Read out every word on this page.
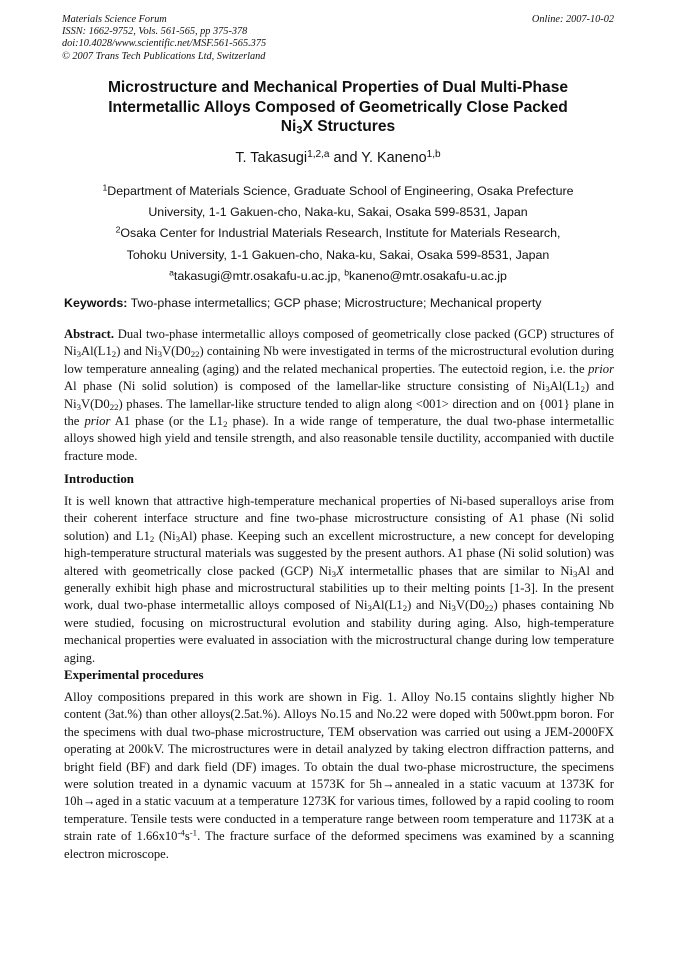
Materials Science Forum
ISSN: 1662-9752, Vols. 561-565, pp 375-378
doi:10.4028/www.scientific.net/MSF.561-565.375
© 2007 Trans Tech Publications Ltd, Switzerland
Online: 2007-10-02
Microstructure and Mechanical Properties of Dual Multi-Phase
Intermetallic Alloys Composed of Geometrically Close Packed
$Ni_3X$ Structures
T. Takasugi$^{1,2,a}$ and Y. Kaneno$^{1,b}$
$^1$Department of Materials Science, Graduate School of Engineering, Osaka Prefecture
University, 1-1 Gakuen-cho, Naka-ku, Sakai, Osaka 599-8531, Japan
$^2$Osaka Center for Industrial Materials Research, Institute for Materials Research,
Tohoku University, 1-1 Gakuen-cho, Naka-ku, Sakai, Osaka 599-8531, Japan
$^a$takasugi@mtr.osakafu-u.ac.jp, $^b$kaneno@mtr.osakafu-u.ac.jp
Keywords: Two-phase intermetallics; GCP phase; Microstructure; Mechanical property

Abstract. Dual two-phase intermetallic alloys composed of geometrically close packed (GCP) structures of $Ni_3Al(L1_2)$ and $Ni_3V(D0_{22})$ containing Nb were investigated in terms of the microstructural evolution during low temperature annealing (aging) and the related mechanical properties. The eutectoid region, i.e. the prior Al phase (Ni solid solution) is composed of the lamellar-like structure consisting of $Ni_3Al(L1_2)$ and $Ni_3V(D0_{22})$ phases. The lamellar-like structure tended to align along <001> direction and on {001} plane in the prior A1 phase (or the $L1_2$ phase). In a wide range of temperature, the dual two-phase intermetallic alloys showed high yield and tensile strength, and also reasonable tensile ductility, accompanied with ductile fracture mode.

Introduction

It is well known that attractive high-temperature mechanical properties of Ni-based superalloys arise from their coherent interface structure and fine two-phase microstructure consisting of A1 phase (Ni solid solution) and $L1_2$ $(Ni_3Al)$ phase. Keeping such an excellent microstructure, a new concept for developing high-temperature structural materials was suggested by the present authors. A1 phase (Ni solid solution) was altered with geometrically close packed (GCP) $Ni_3X$ intermetallic phases that are similar to $Ni_3Al$ and generally exhibit high phase and microstructural stabilities up to their melting points [1-3]. In the present work, dual two-phase intermetallic alloys composed of $Ni_3Al(L1_2)$ and $Ni_3V(D0_{22})$ phases containing Nb were studied, focusing on microstructural evolution and stability during aging. Also, high-temperature mechanical properties were evaluated in association with the microstructural change during low temperature aging.

Experimental procedures

Alloy compositions prepared in this work are shown in Fig. 1. Alloy No.15 contains slightly higher Nb content (3at.%) than other alloys(2.5at.%). Alloys No.15 and No.22 were doped with 500wt.ppm boron. For the specimens with dual two-phase microstructure, TEM observation was carried out using a JEM-2000FX operating at 200kV. The microstructures were in detail analyzed by taking electron diffraction patterns, and bright field (BF) and dark field (DF) images. To obtain the dual two-phase microstructure, the specimens were solution treated in a dynamic vacuum at 1573K for 5h→annealed in a static vacuum at 1373K for 10h→aged in a static vacuum at a temperature 1273K for various times, followed by a rapid cooling to room temperature. Tensile tests were conducted in a temperature range between room temperature and 1173K at a strain rate of $1.66x10^{-4}s^{-1}$. The fracture surface of the deformed specimens was examined by a scanning electron microscope.
